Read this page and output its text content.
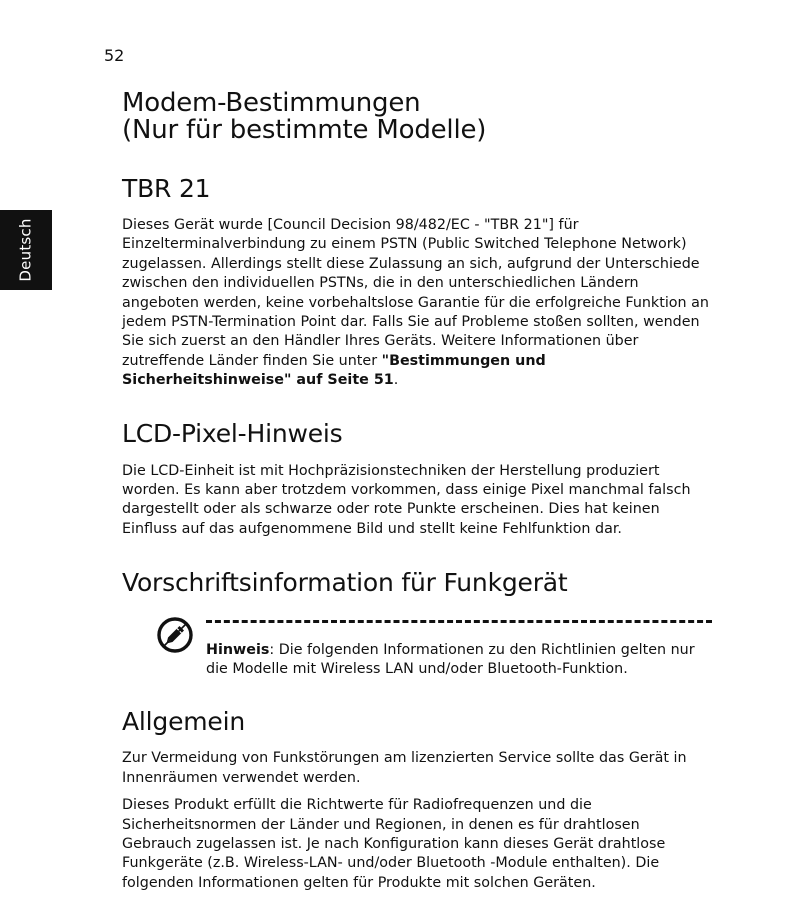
52
Deutsch
Modem-Bestimmungen
(Nur für bestimmte Modelle)
TBR 21

Dieses Gerät wurde [Council Decision 98/482/EC - "TBR 21"] für Einzelterminalverbindung zu einem PSTN (Public Switched Telephone Network) zugelassen. Allerdings stellt diese Zulassung an sich, aufgrund der Unterschiede zwischen den individuellen PSTNs, die in den unterschiedlichen Ländern angeboten werden, keine vorbehaltslose Garantie für die erfolgreiche Funktion an jedem PSTN-Termination Point dar. Falls Sie auf Probleme stoßen sollten, wenden Sie sich zuerst an den Händler Ihres Geräts. Weitere Informationen über zutreffende Länder finden Sie unter "Bestimmungen und Sicherheitshinweise" auf Seite 51.

LCD-Pixel-Hinweis

Die LCD-Einheit ist mit Hochpräzisionstechniken der Herstellung produziert worden. Es kann aber trotzdem vorkommen, dass einige Pixel manchmal falsch dargestellt oder als schwarze oder rote Punkte erscheinen. Dies hat keinen Einfluss auf das aufgenommene Bild und stellt keine Fehlfunktion dar.

Vorschriftsinformation für Funkgerät

Hinweis: Die folgenden Informationen zu den Richtlinien gelten nur die Modelle mit Wireless LAN und/oder Bluetooth-Funktion.

Allgemein

Zur Vermeidung von Funkstörungen am lizenzierten Service sollte das Gerät in Innenräumen verwendet werden.

Dieses Produkt erfüllt die Richtwerte für Radiofrequenzen und die Sicherheitsnormen der Länder und Regionen, in denen es für drahtlosen Gebrauch zugelassen ist. Je nach Konfiguration kann dieses Gerät drahtlose Funkgeräte (z.B. Wireless-LAN- und/oder Bluetooth -Module enthalten). Die folgenden Informationen gelten für Produkte mit solchen Geräten.
